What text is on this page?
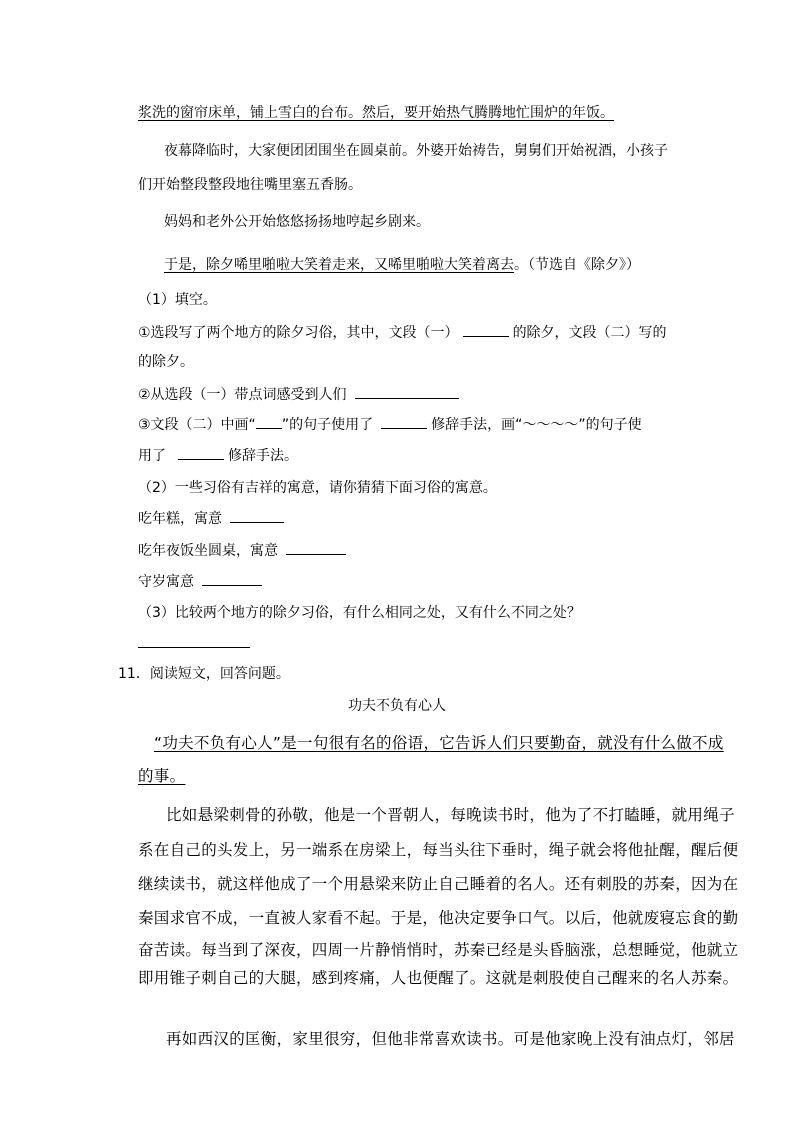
浆洗的窗帘床单，铺上雪白的台布。然后，要开始热气腾腾地忙围炉的年饭。
夜幕降临时，大家便团团围坐在圆桌前。外婆开始祷告，舅舅们开始祝酒，小孩子
们开始整段整段地往嘴里塞五香肠。
妈妈和老外公开始悠悠扬扬地哼起乡剧来。
于是，除夕唏里啪啦大笑着走来，又唏里啪啦大笑着离去。（节选自《除夕》）
（1）填空。
①选段写了两个地方的除夕习俗，其中，文段（一）	的除夕，文段（二）写的
的除夕。
②从选段（一）带点词感受到人们
③文段（二）中画“ ”的句子使用了	修辞手法，画“～～～～”的句子使
用了	修辞手法。
（2）一些习俗有吉祥的寓意，请你猜猜下面习俗的寓意。
吃年糕，寓意
吃年夜饭坐圆桌，寓意
守岁寓意
（3）比较两个地方的除夕习俗，有什么相同之处，又有什么不同之处？
11．阅读短文，回答问题。
功夫不负有心人
“功夫不负有心人”是一句很有名的俗语，它告诉人们只要勤奋，就没有什么做不成
的事。
比如悬梁刺骨的孙敬，他是一个晋朝人，每晚读书时，他为了不打瞌睡，就用绳子
系在自己的头发上，另一端系在房梁上，每当头往下垂时，绳子就会将他扯醒，醒后便
继续读书，就这样他成了一个用悬梁来防止自己睡着的名人。还有刺股的苏秦，因为在
秦国求官不成，一直被人家看不起。于是，他决定要争口气。以后，他就废寝忘食的勤
奋苦读。每当到了深夜，四周一片静悄悄时，苏秦已经是头昏脑涨，总想睡觉，他就立
即用锥子刺自己的大腿，感到疼痛，人也便醒了。这就是刺股使自己醒来的名人苏秦。
再如西汉的匡衡，家里很穷，但他非常喜欢读书。可是他家晚上没有油点灯，邻居
